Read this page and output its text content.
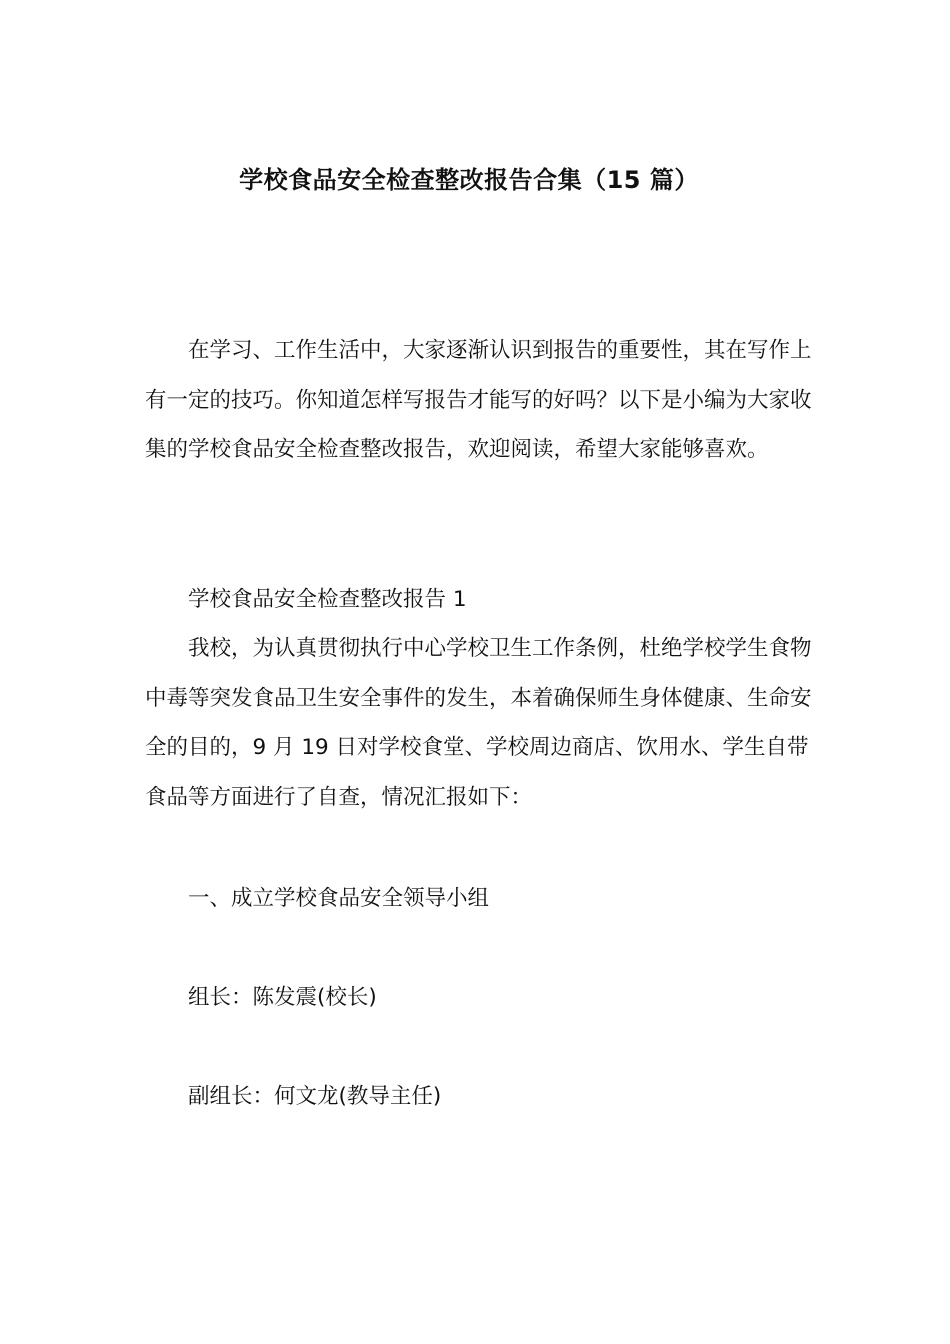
学校食品安全检查整改报告合集（15 篇）

在学习、工作生活中，大家逐渐认识到报告的重要性，其在写作上有一定的技巧。你知道怎样写报告才能写的好吗？以下是小编为大家收集的学校食品安全检查整改报告，欢迎阅读，希望大家能够喜欢。

学校食品安全检查整改报告 1

我校，为认真贯彻执行中心学校卫生工作条例，杜绝学校学生食物中毒等突发食品卫生安全事件的发生，本着确保师生身体健康、生命安全的目的，9 月 19 日对学校食堂、学校周边商店、饮用水、学生自带食品等方面进行了自查，情况汇报如下：

一、成立学校食品安全领导小组
组长：陈发震(校长)
副组长：何文龙(教导主任)
